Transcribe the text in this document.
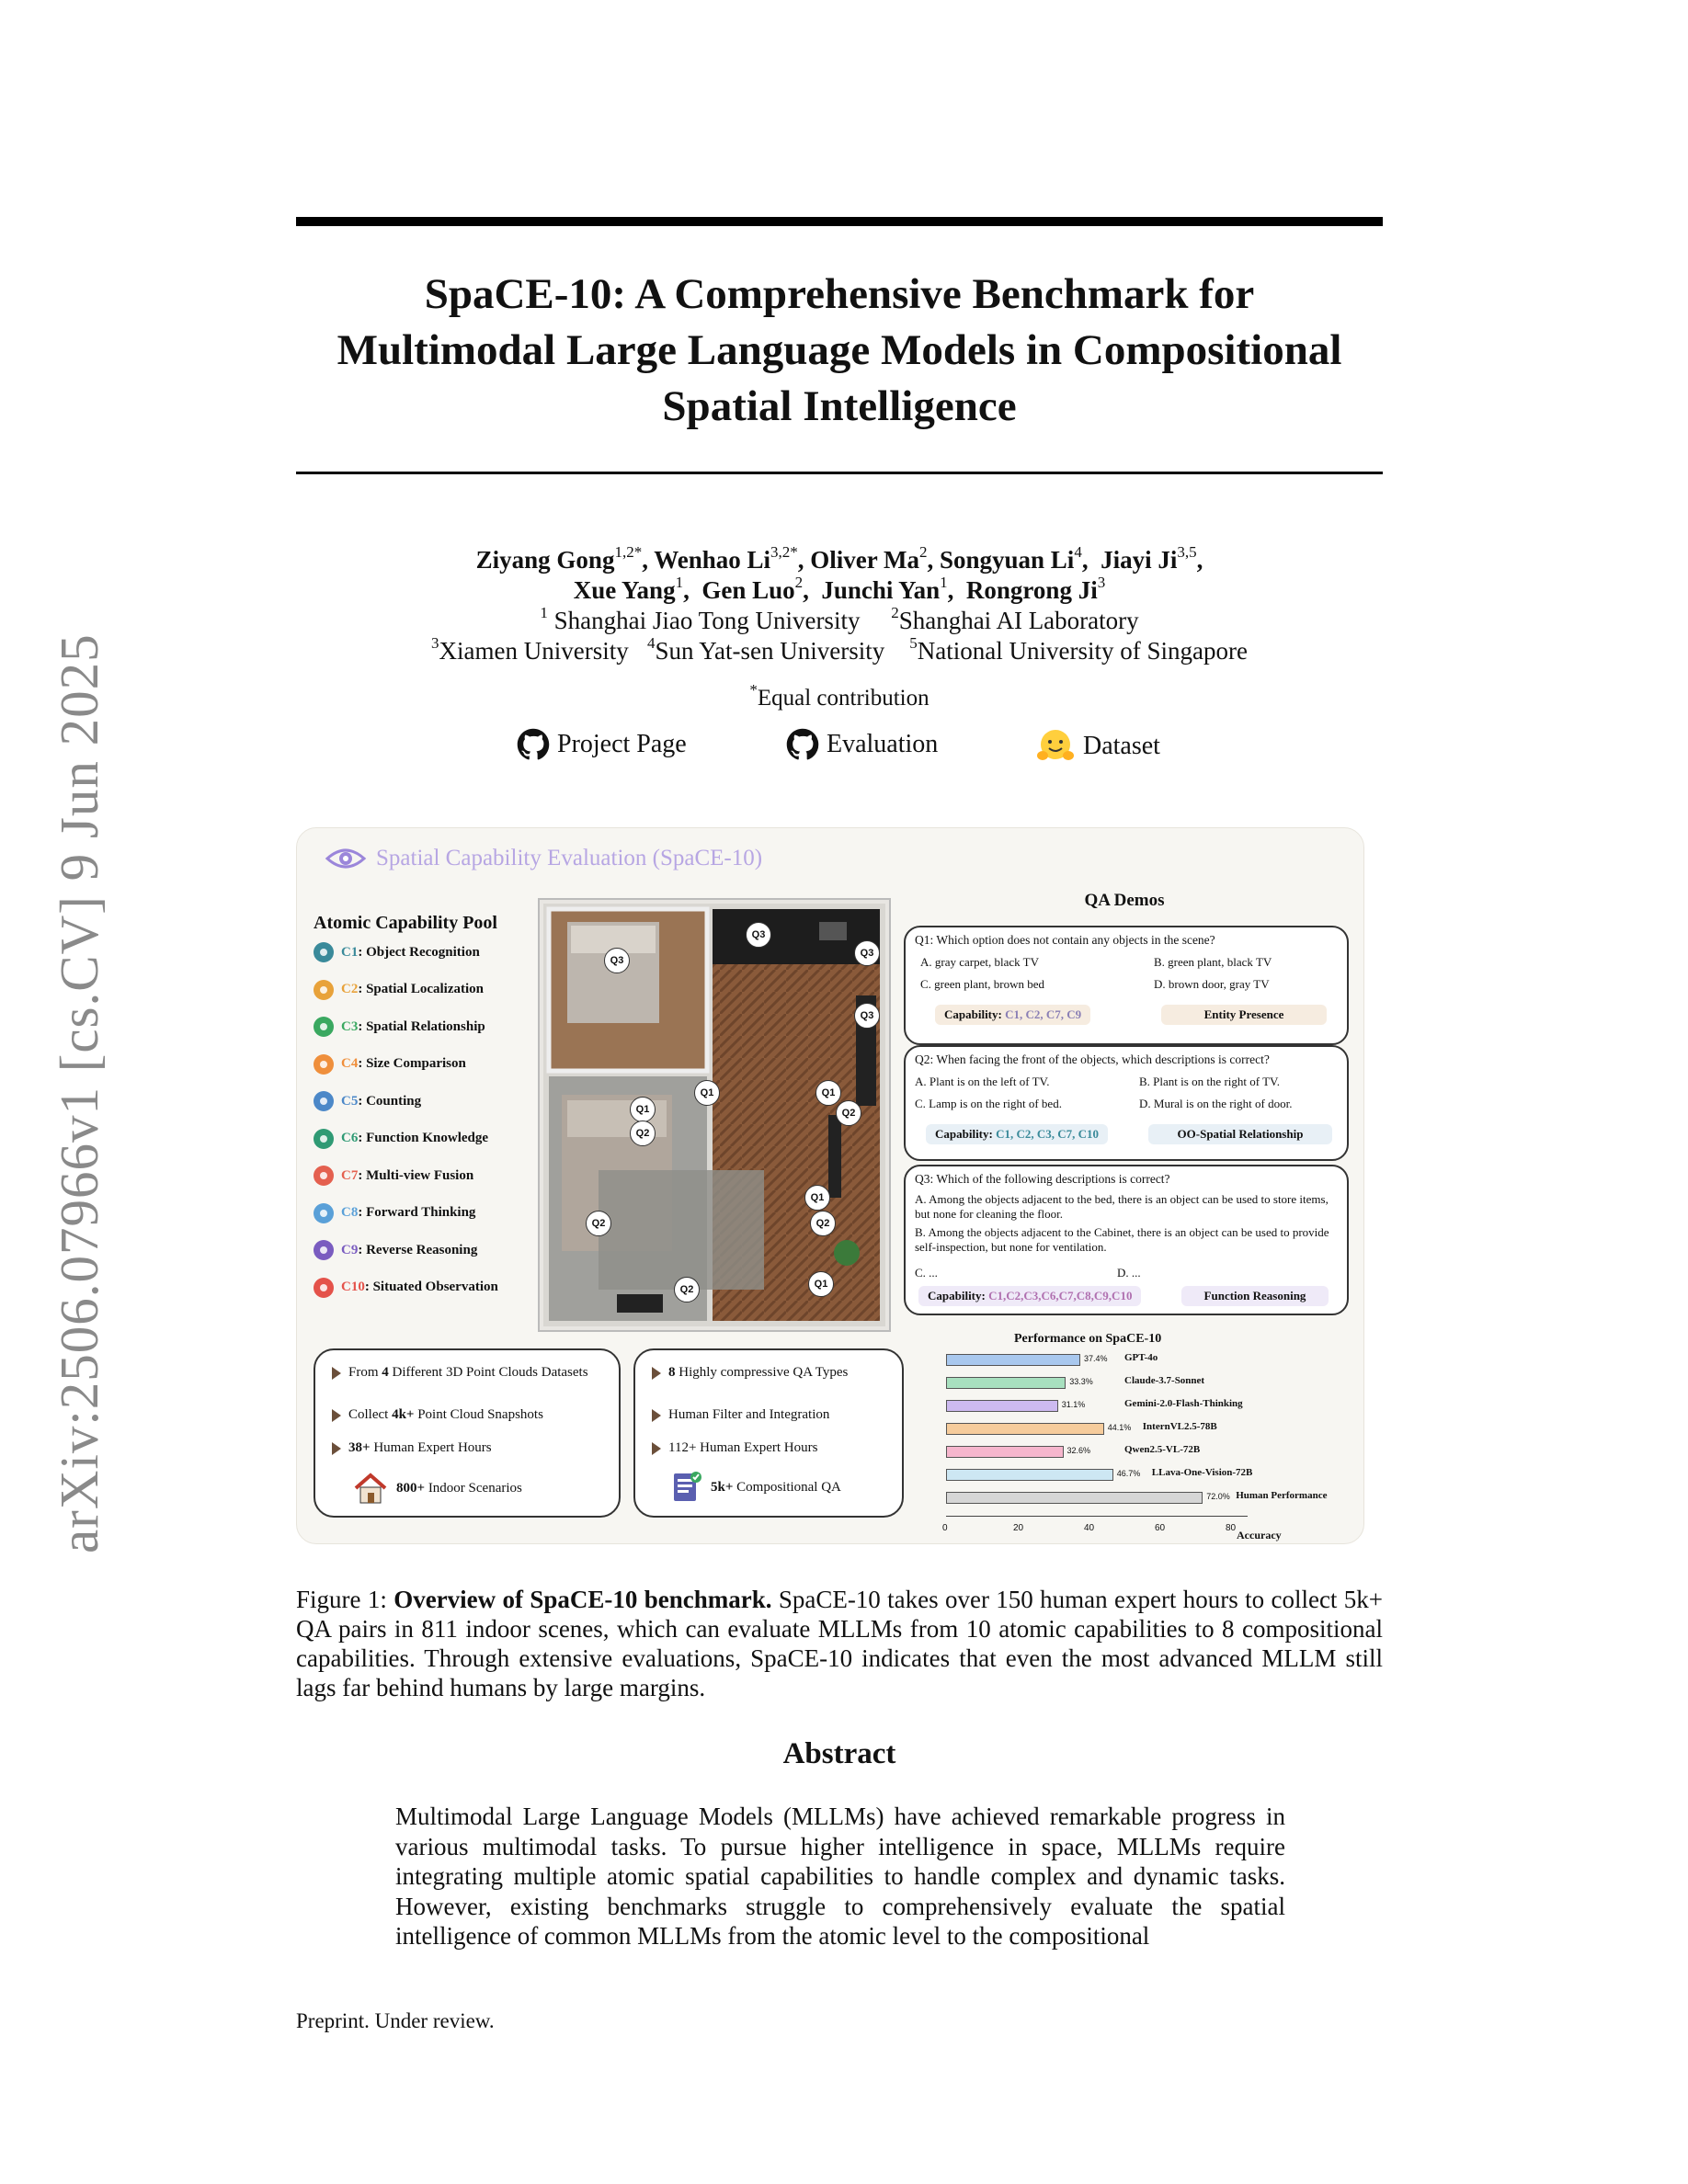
arXiv:2506.07966v1 [cs.CV] 9 Jun 2025
SpaCE-10: A Comprehensive Benchmark for
Multimodal Large Language Models in Compositional
Spatial Intelligence
Ziyang Gong$^{1,2*}$, Wenhao $Li^{3,2*}$, Oliver Ma$^2$, Songyuan Li$^4$,  Jiayi Ji$^{3,5}$,
Xue Yang$^1$,  Gen Luo$^2$,  Junchi Yan$^1$,  Rongrong Ji$^3$
$^1$ Shanghai Jiao Tong University $^2$Shanghai AI Laboratory
$^3$Xiamen University $^4$Sun Yat-sen University $^5$National University of Singapore
*Equal contribution
Project Page	Evaluation	Dataset
Spatial Capability Evaluation (SpaCE-10)
Atomic Capability Pool
C1: Object Recognition
C2: Spatial Localization
C3: Spatial Relationship
C4: Size Comparison
C5: Counting
C6: Function Knowledge
C7: Multi-view Fusion
C8: Forward Thinking
C9: Reverse Reasoning
C10: Situated Observation
Q3
Q3
Q3
Q3
Q1	Q1
Q2
Q1
Q2
Q1
Q2
Q2
Q2	Q1
QA Demos
Q1: Which option does not contain any objects in the scene?
A. gray carpet, black TV	B. green plant, black TV
C. green plant, brown bed	D. brown door, gray TV
Capability: C1, C2, C7, C9	Entity Presence
Q2: When facing the front of the objects, which descriptions is correct?
A. Plant is on the left of TV.	B. Plant is on the right of TV.
C. Lamp is on the right of bed.	D. Mural is on the right of door.
Capability: C1, C2, C3, C7, C10	OO-Spatial Relationship
Q3: Which of the following descriptions is correct?
A. Among the objects adjacent to the bed, there is an object can be used to store items, but none for cleaning the floor.
B. Among the objects adjacent to the Cabinet, there is an object can be used to provide self-inspection, but none for ventilation.
C. ...	D. ...
Capability: C1,C2,C3,C6,C7,C8,C9,C10	Function Reasoning
From 4 Different 3D Point Clouds Datasets
Collect 4k+ Point Cloud Snapshots
38+ Human Expert Hours
800+ Indoor Scenarios
8 Highly compressive QA Types
Human Filter and Integration
112+ Human Expert Hours
5k+ Compositional QA
Performance on SpaCE-10
37.4% GPT-4o
33.3%	Claude-3.7-Sonnet
31.1%	Gemini-2.0-Flash-Thinking
44.1% InternVL2.5-78B
32.6%	Qwen2.5-VL-72B
46.7% LLava-One-Vision-72B
72.0% Human Performance
0	20	40	60	80
Accuracy
Figure 1: Overview of SpaCE-10 benchmark. SpaCE-10 takes over 150 human expert hours to collect 5k+ QA pairs in 811 indoor scenes, which can evaluate MLLMs from 10 atomic capabilities to 8 compositional capabilities. Through extensive evaluations, SpaCE-10 indicates that even the most advanced MLLM still lags far behind humans by large margins.
Abstract
Multimodal Large Language Models (MLLMs) have achieved remarkable progress in various multimodal tasks. To pursue higher intelligence in space, MLLMs require integrating multiple atomic spatial capabilities to handle complex and dynamic tasks. However, existing benchmarks struggle to comprehensively evaluate the spatial intelligence of common MLLMs from the atomic level to the compositional
Preprint. Under review.
